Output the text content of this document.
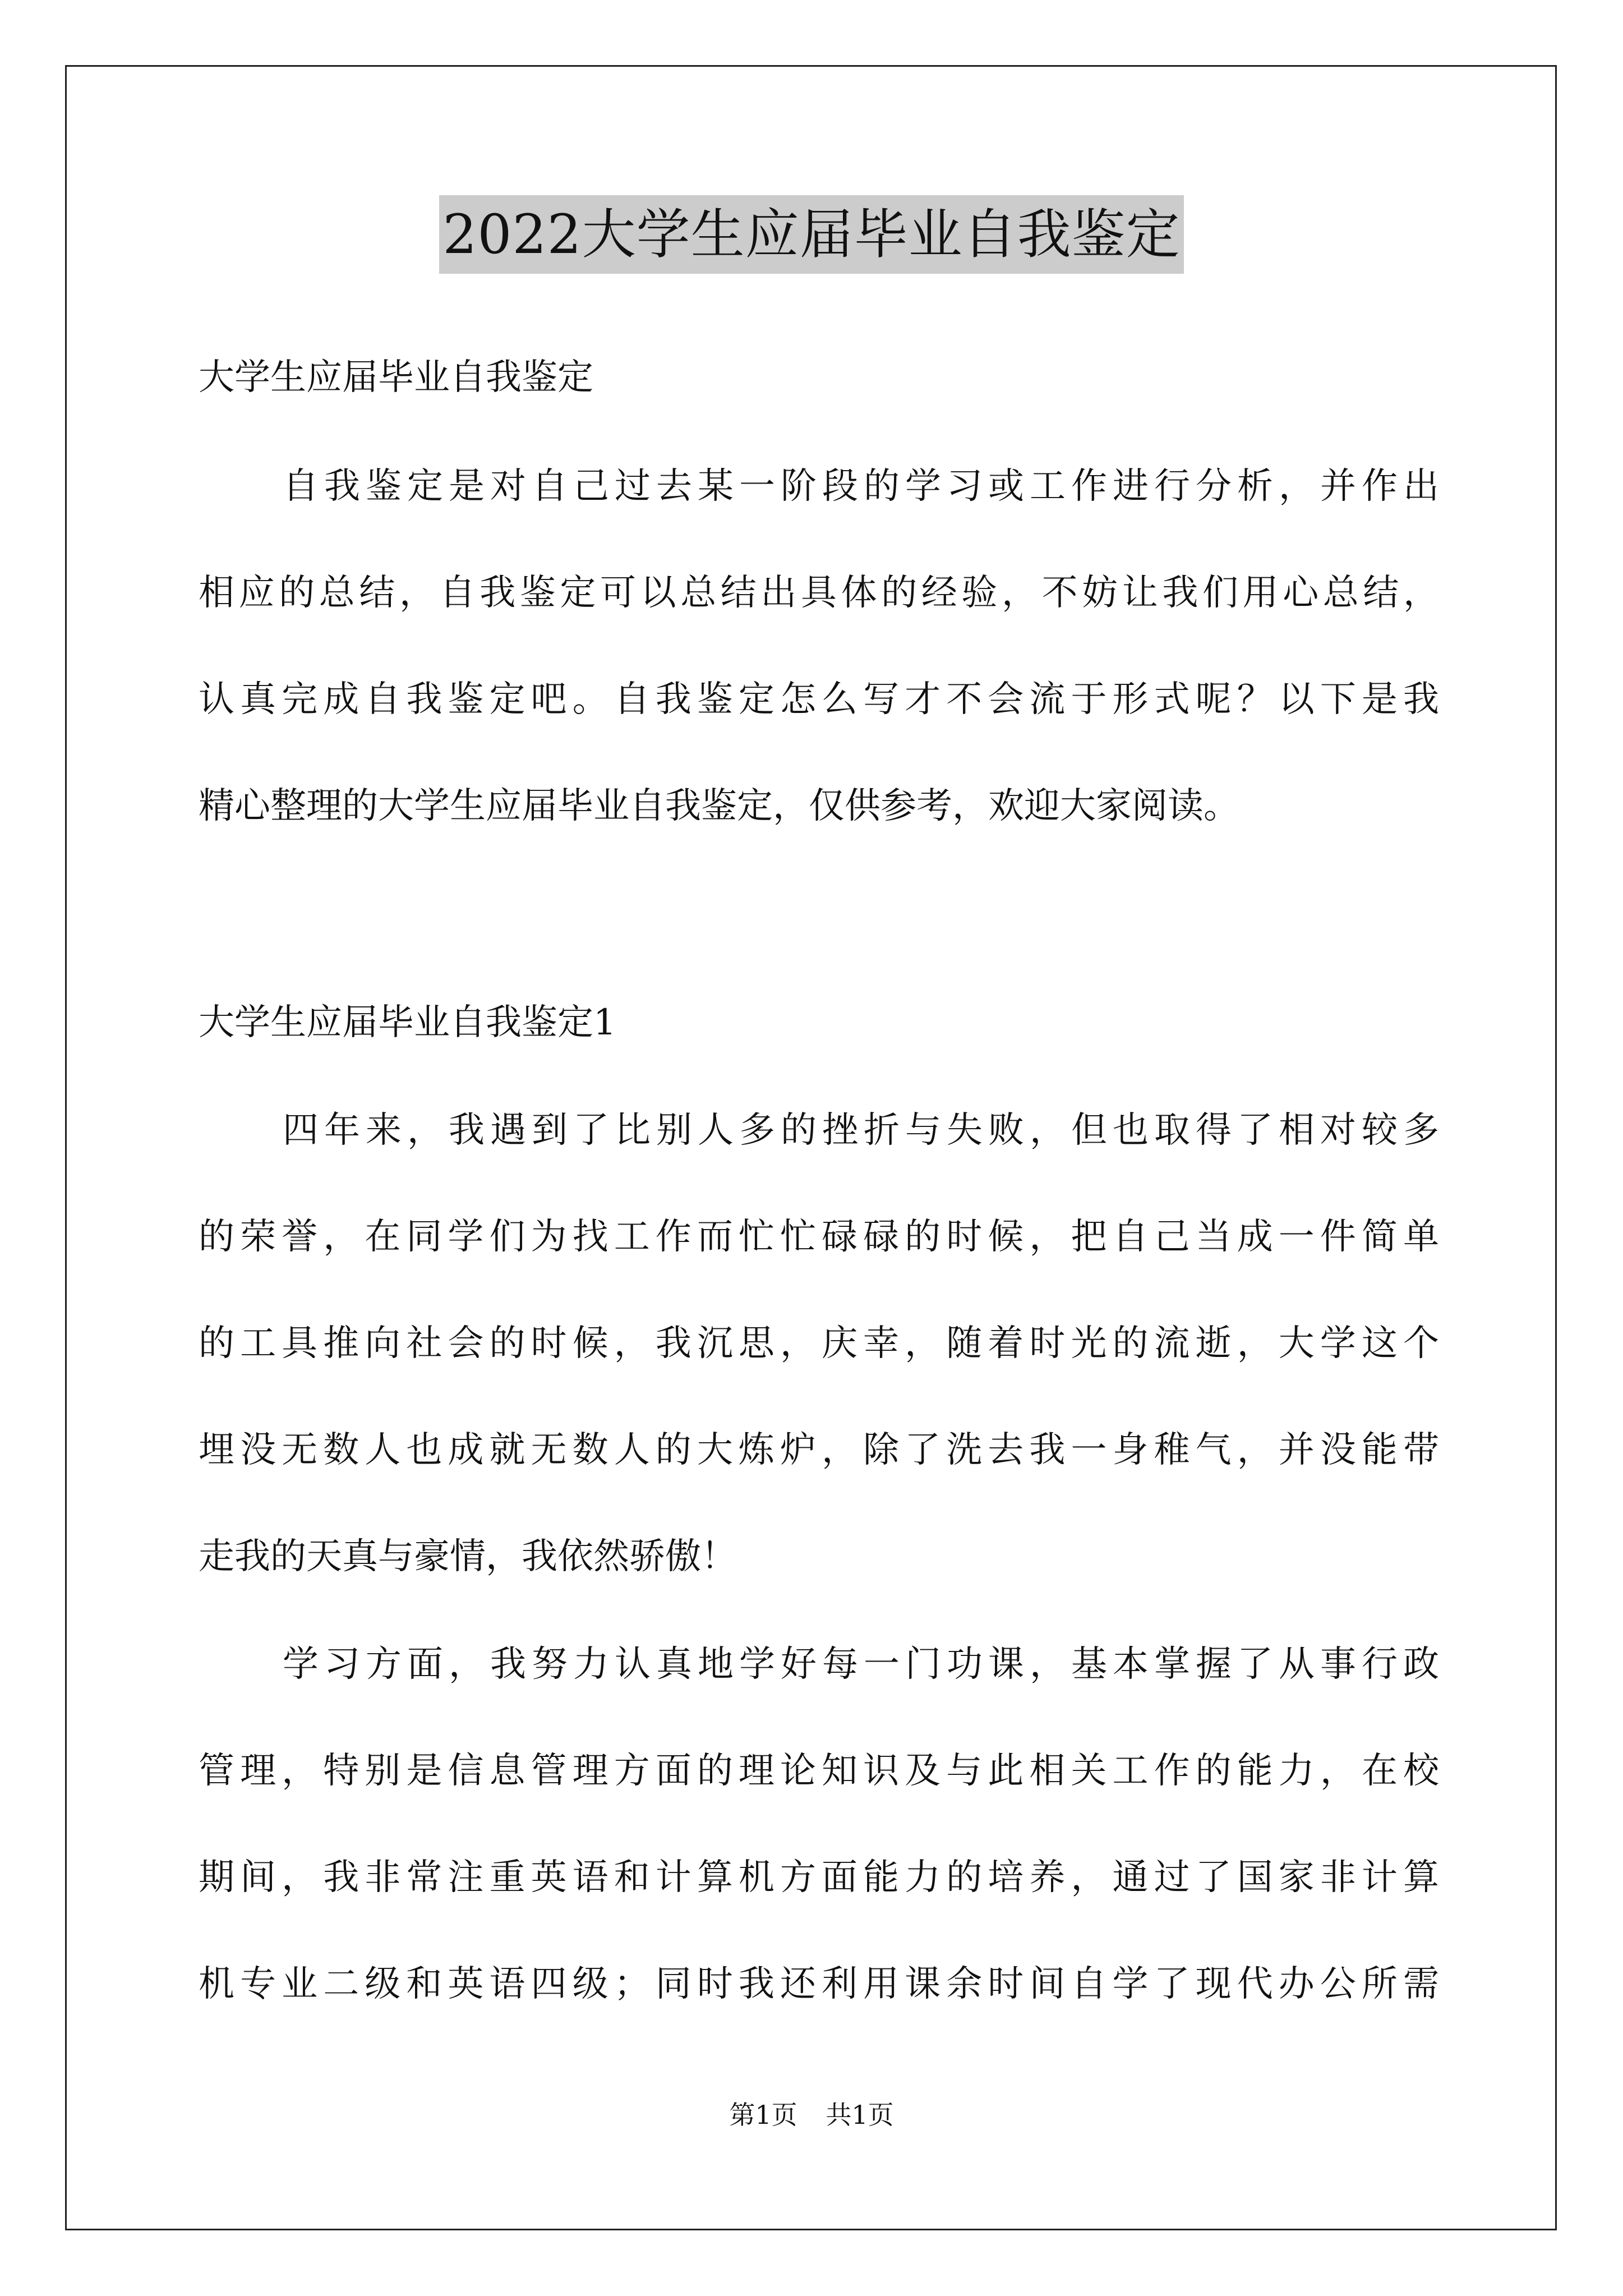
2022大学生应届毕业自我鉴定
大学生应届毕业自我鉴定
自我鉴定是对自己过去某一阶段的学习或工作进行分析，并作出
相应的总结，自我鉴定可以总结出具体的经验，不妨让我们用心总结，
认真完成自我鉴定吧。自我鉴定怎么写才不会流于形式呢？以下是我
精心整理的大学生应届毕业自我鉴定，仅供参考，欢迎大家阅读。
大学生应届毕业自我鉴定1
四年来，我遇到了比别人多的挫折与失败，但也取得了相对较多
的荣誉，在同学们为找工作而忙忙碌碌的时候，把自己当成一件简单
的工具推向社会的时候，我沉思，庆幸，随着时光的流逝，大学这个
埋没无数人也成就无数人的大炼炉，除了洗去我一身稚气，并没能带
走我的天真与豪情，我依然骄傲！
学习方面，我努力认真地学好每一门功课，基本掌握了从事行政
管理，特别是信息管理方面的理论知识及与此相关工作的能力，在校
期间，我非常注重英语和计算机方面能力的培养，通过了国家非计算
机专业二级和英语四级；同时我还利用课余时间自学了现代办公所需
第1页 共1页
